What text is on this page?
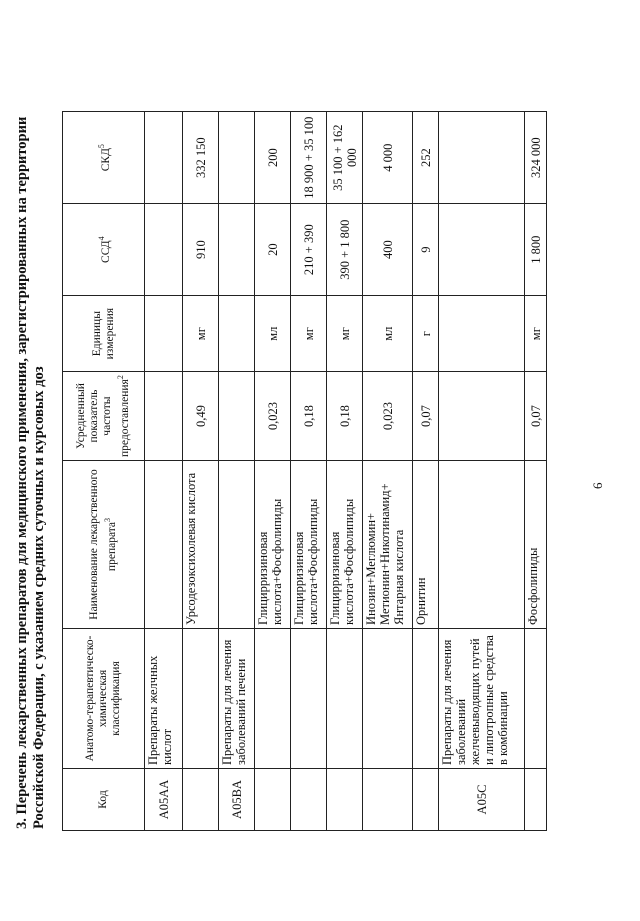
6
3. Перечень лекарственных препаратов для медицинского применения, зарегистрированных на территории Российской Федерации, с указанием средних суточных и курсовых доз	Код	Анатомо-терапевтическо-химическая классификация	Наименование лекарственного препарата$^3$	Усредненный показатель частоты предоставления$^2$	Единицы измерения	ССД$^4$	СКД$^5$
A05AA	Препараты желчных кислот					
		Урсодезоксихолевая кислота	0,49	мг	910	332 150
A05BA	Препараты для лечения заболеваний печени					
		Глицирризиновая кислота+Фосфолипиды	0,023	мл	20	200
		Глицирризиновая кислота+Фосфолипиды	0,18	мг	210 + 390	18 900 + 35 100
		Глицирризиновая кислота+Фосфолипиды	0,18	мг	390 + 1 800	35 100 + 162 000
		Инозин+Меглюмин+ Метионин+Никотинамид+ Янтарная кислота	0,023	мл	400	4 000
		Орнитин	0,07	г	9	252
A05C	Препараты для лечения заболеваний желчевыводящих путей и липотропные средства в комбинации					
		Фосфолипиды	0,07	мг	1 800	324 000
